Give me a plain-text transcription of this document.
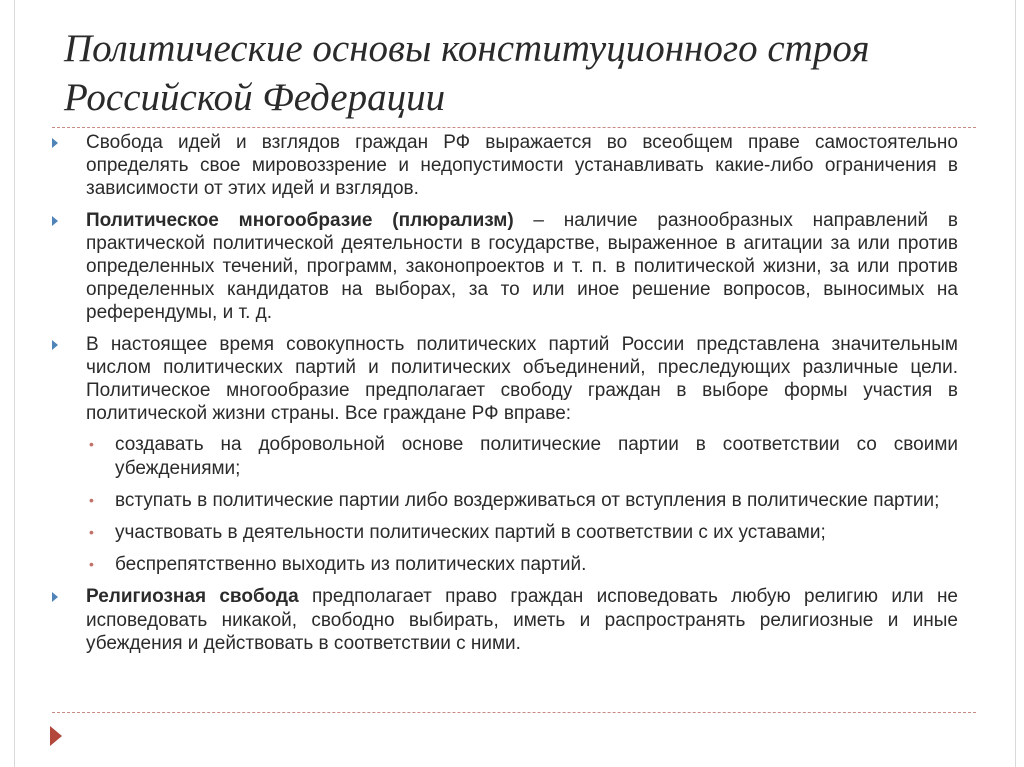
Политические основы конституционного строя Российской Федерации
Свобода идей и взглядов граждан РФ выражается во всеобщем праве самостоятельно определять свое мировоззрение и недопустимости устанавливать какие-либо ограничения в зависимости от этих идей и взглядов.
Политическое многообразие (плюрализм) – наличие разнообразных направлений в практической политической деятельности в государстве, выраженное в агитации за или против определенных течений, программ, законопроектов и т. п. в политической жизни, за или против определенных кандидатов на выборах, за то или иное решение вопросов, выносимых на референдумы, и т. д.
В настоящее время совокупность политических партий России представлена значительным числом политических партий и политических объединений, преследующих различные цели. Политическое многообразие предполагает свободу граждан в выборе формы участия в политической жизни страны. Все граждане РФ вправе:
• создавать на добровольной основе политические партии в соответствии со своими убеждениями;
• вступать в политические партии либо воздерживаться от вступления в политические партии;
• участвовать в деятельности политических партий в соответствии с их уставами;
• беспрепятственно выходить из политических партий.
Религиозная свобода предполагает право граждан исповедовать любую религию или не исповедовать никакой, свободно выбирать, иметь и распространять религиозные и иные убеждения и действовать в соответствии с ними.
